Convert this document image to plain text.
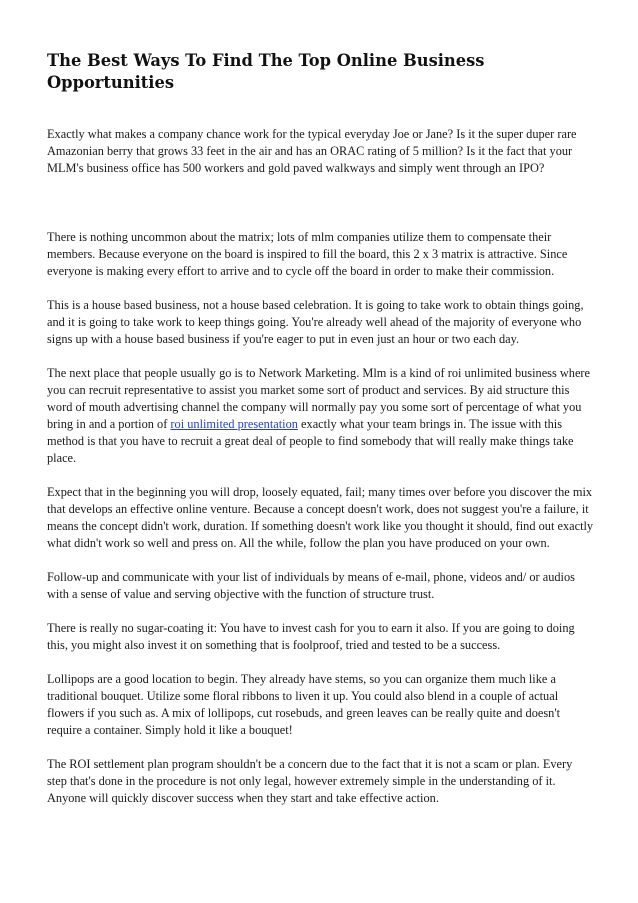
The Best Ways To Find The Top Online Business Opportunities

Exactly what makes a company chance work for the typical everyday Joe or Jane? Is it the super duper rare Amazonian berry that grows 33 feet in the air and has an ORAC rating of 5 million? Is it the fact that your MLM's business office has 500 workers and gold paved walkways and simply went through an IPO?

There is nothing uncommon about the matrix; lots of mlm companies utilize them to compensate their members. Because everyone on the board is inspired to fill the board, this 2 x 3 matrix is attractive. Since everyone is making every effort to arrive and to cycle off the board in order to make their commission.

This is a house based business, not a house based celebration. It is going to take work to obtain things going, and it is going to take work to keep things going. You're already well ahead of the majority of everyone who signs up with a house based business if you're eager to put in even just an hour or two each day.

The next place that people usually go is to Network Marketing. Mlm is a kind of roi unlimited business where you can recruit representative to assist you market some sort of product and services. By aid structure this word of mouth advertising channel the company will normally pay you some sort of percentage of what you bring in and a portion of roi unlimited presentation exactly what your team brings in. The issue with this method is that you have to recruit a great deal of people to find somebody that will really make things take place.

Expect that in the beginning you will drop, loosely equated, fail; many times over before you discover the mix that develops an effective online venture. Because a concept doesn't work, does not suggest you're a failure, it means the concept didn't work, duration. If something doesn't work like you thought it should, find out exactly what didn't work so well and press on. All the while, follow the plan you have produced on your own.

Follow-up and communicate with your list of individuals by means of e-mail, phone, videos and/ or audios with a sense of value and serving objective with the function of structure trust.

There is really no sugar-coating it: You have to invest cash for you to earn it also. If you are going to doing this, you might also invest it on something that is foolproof, tried and tested to be a success.

Lollipops are a good location to begin. They already have stems, so you can organize them much like a traditional bouquet. Utilize some floral ribbons to liven it up. You could also blend in a couple of actual flowers if you such as. A mix of lollipops, cut rosebuds, and green leaves can be really quite and doesn't require a container. Simply hold it like a bouquet!

The ROI settlement plan program shouldn't be a concern due to the fact that it is not a scam or plan. Every step that's done in the procedure is not only legal, however extremely simple in the understanding of it. Anyone will quickly discover success when they start and take effective action.
